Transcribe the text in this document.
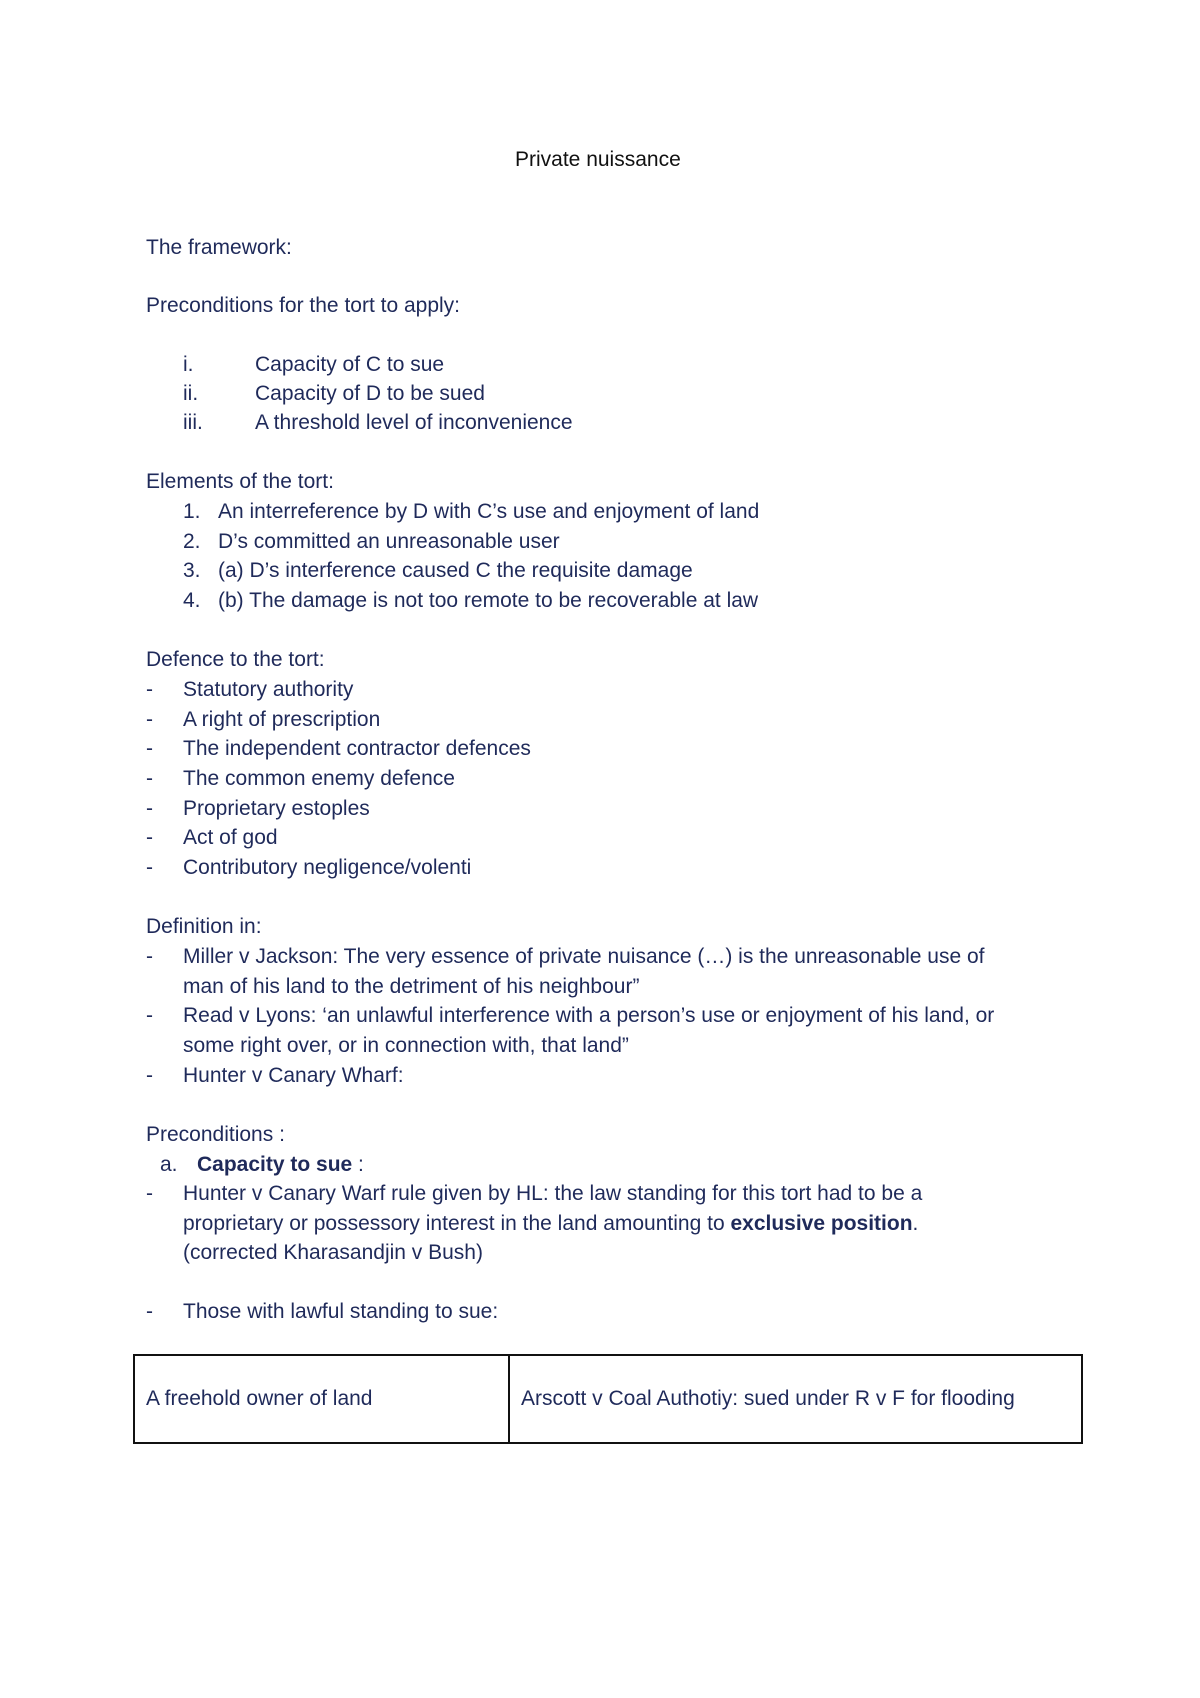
Private nuissance
The framework:
Preconditions for the tort to apply:
i.	Capacity of C to sue
ii.	Capacity of D to be sued
iii. A threshold level of inconvenience
Elements of the tort:
1. An interreference by D with C’s use and enjoyment of land
2. D’s committed an unreasonable user
3. (a) D’s interference caused C the requisite damage
4. (b) The damage is not too remote to be recoverable at law
Defence to the tort:
- Statutory authority
- A right of prescription
- The independent contractor defences
- The common enemy defence
- Proprietary estoples
- Act of god
- Contributory negligence/volenti
Definition in:
- Miller v Jackson: The very essence of private nuisance (…) is the unreasonable use of
man of his land to the detriment of his neighbour”
- Read v Lyons: ‘an unlawful interference with a person’s use or enjoyment of his land, or
some right over, or in connection with, that land”
- Hunter v Canary Wharf:
Preconditions :
a. Capacity to sue :
- Hunter v Canary Warf rule given by HL: the law standing for this tort had to be a
proprietary or possessory interest in the land amounting to exclusive position.
(corrected Kharasandjin v Bush)
- Those with lawful standing to sue:
A freehold owner of land	Arscott v Coal Authotiy: sued under R v F for flooding
